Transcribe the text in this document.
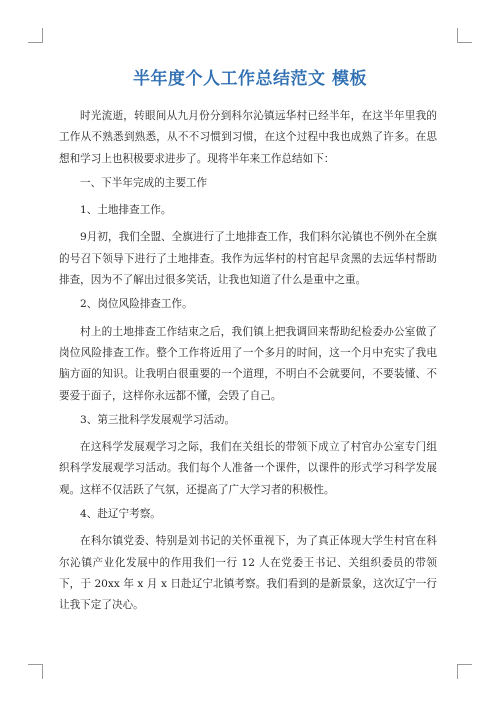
半年度个人工作总结范文 模板

时光流逝，转眼间从九月份分到科尔沁镇远华村已经半年，在这半年里我的工作从不熟悉到熟悉，从不不习惯到习惯，在这个过程中我也成熟了许多。在思想和学习上也积极要求进步了。现将半年来工作总结如下：

一、下半年完成的主要工作

1、土地排查工作。

9月初，我们全盟、全旗进行了土地排查工作，我们科尔沁镇也不例外在全旗的号召下领导下进行了土地排查。我作为远华村的村官起早贪黑的去远华村帮助排查，因为不了解出过很多笑话，让我也知道了什么是重中之重。

2、岗位风险排查工作。

村上的土地排查工作结束之后，我们镇上把我调回来帮助纪检委办公室做了岗位风险排查工作。整个工作将近用了一个多月的时间，这一个月中充实了我电脑方面的知识。让我明白很重要的一个道理，不明白不会就要问，不要装懂、不要爱于面子，这样你永远都不懂，会毁了自己。

3、第三批科学发展观学习活动。

在这科学发展观学习之际，我们在关组长的带领下成立了村官办公室专门组织科学发展观学习活动。我们每个人准备一个课件，以课件的形式学习科学发展观。这样不仅活跃了气氛，还提高了广大学习者的积极性。

4、赴辽宁考察。

在科尔镇党委、特别是刘书记的关怀重视下，为了真正体现大学生村官在科尔沁镇产业化发展中的作用我们一行 12 人在党委王书记、关组织委员的带领下，于 20xx 年 x 月 x 日赴辽宁北镇考察。我们看到的是新景象，这次辽宁一行让我下定了决心。
